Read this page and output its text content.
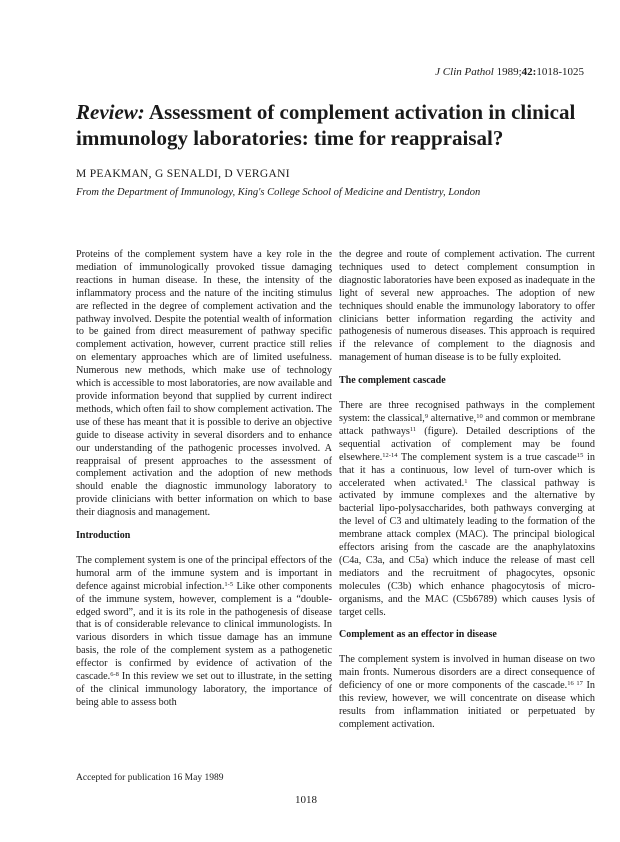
J Clin Pathol 1989;42:1018-1025
Review: Assessment of complement activation in clinical immunology laboratories: time for reappraisal?
M PEAKMAN, G SENALDI, D VERGANI
From the Department of Immunology, King's College School of Medicine and Dentistry, London

Proteins of the complement system have a key role in the mediation of immunologically provoked tissue damaging reactions in human disease. In these, the intensity of the inflammatory process and the nature of the inciting stimulus are reflected in the degree of complement activation and the pathway involved. Despite the potential wealth of information to be gained from direct measurement of pathway specific complement activation, however, current practice still relies on elementary approaches which are of limited usefulness. Numerous new methods, which make use of technology which is accessible to most laboratories, are now available and provide information beyond that supplied by current indirect methods, which often fail to show complement activation. The use of these has meant that it is possible to derive an objective guide to disease activity in several disorders and to enhance our understanding of the pathogenic processes involved. A reappraisal of present approaches to the assessment of complement activation and the adoption of new methods should enable the diagnostic immunology laboratory to provide clinicians with better information on which to base their diagnosis and management.

Introduction

The complement system is one of the principal effectors of the humoral arm of the immune system and is important in defence against microbial infection.$^{1-5}$ Like other components of the immune system, however, complement is a “double-edged sword”, and it is its role in the pathogenesis of disease that is of considerable relevance to clinical immunologists. In various disorders in which tissue damage has an immune basis, the role of the complement system as a pathogenetic effector is confirmed by evidence of activation of the cascade.$^{6-8}$ In this review we set out to illustrate, in the setting of the clinical immunology laboratory, the importance of being able to assess both

the degree and route of complement activation. The current techniques used to detect complement consumption in diagnostic laboratories have been exposed as inadequate in the light of several new approaches. The adoption of new techniques should enable the immunology laboratory to offer clinicians better information regarding the activity and pathogenesis of numerous diseases. This approach is required if the relevance of complement to the diagnosis and management of human disease is to be fully exploited.

The complement cascade

There are three recognised pathways in the complement system: the classical,$^9$ alternative,$^{10}$ and common or membrane attack pathways$^{11}$ (figure). Detailed descriptions of the sequential activation of complement may be found elsewhere.$^{12-14}$ The complement system is a true cascade$^{15}$ in that it has a continuous, low level of turn-over which is accelerated when activated.$^1$ The classical pathway is activated by immune complexes and the alternative by bacterial lipo-polysaccharides, both pathways converging at the level of C3 and ultimately leading to the formation of the membrane attack complex (MAC). The principal biological effectors arising from the cascade are the anaphylatoxins (C4a, C3a, and C5a) which induce the release of mast cell mediators and the recruitment of phagocytes, opsonic molecules (C3b) which enhance phagocytosis of micro-organisms, and the MAC (C5b6789) which causes lysis of target cells.

Complement as an effector in disease

The complement system is involved in human disease on two main fronts. Numerous disorders are a direct consequence of deficiency of one or more components of the cascade.$^{16 17}$ In this review, however, we will concentrate on disease which results from inflammation initiated or perpetuated by complement activation.

Accepted for publication 16 May 1989
1018
